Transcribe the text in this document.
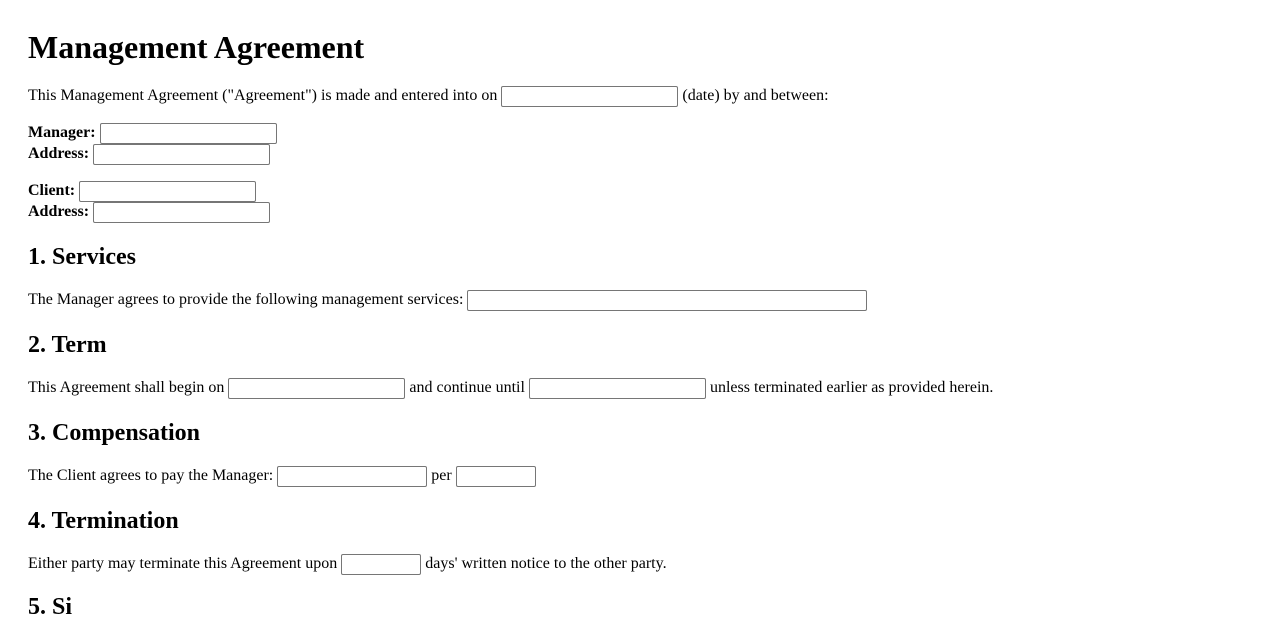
Management Agreement
This Management Agreement ("Agreement") is made and entered into on	(date) by and between:
Manager:
Address:
Client:
Address:
1. Services
The Manager agrees to provide the following management services:
2. Term
This Agreement shall begin on	and continue until	unless terminated earlier as provided herein.
3. Compensation
The Client agrees to pay the Manager:	per
4. Termination
Either party may terminate this Agreement upon	days' written notice to the other party.
5. Si
